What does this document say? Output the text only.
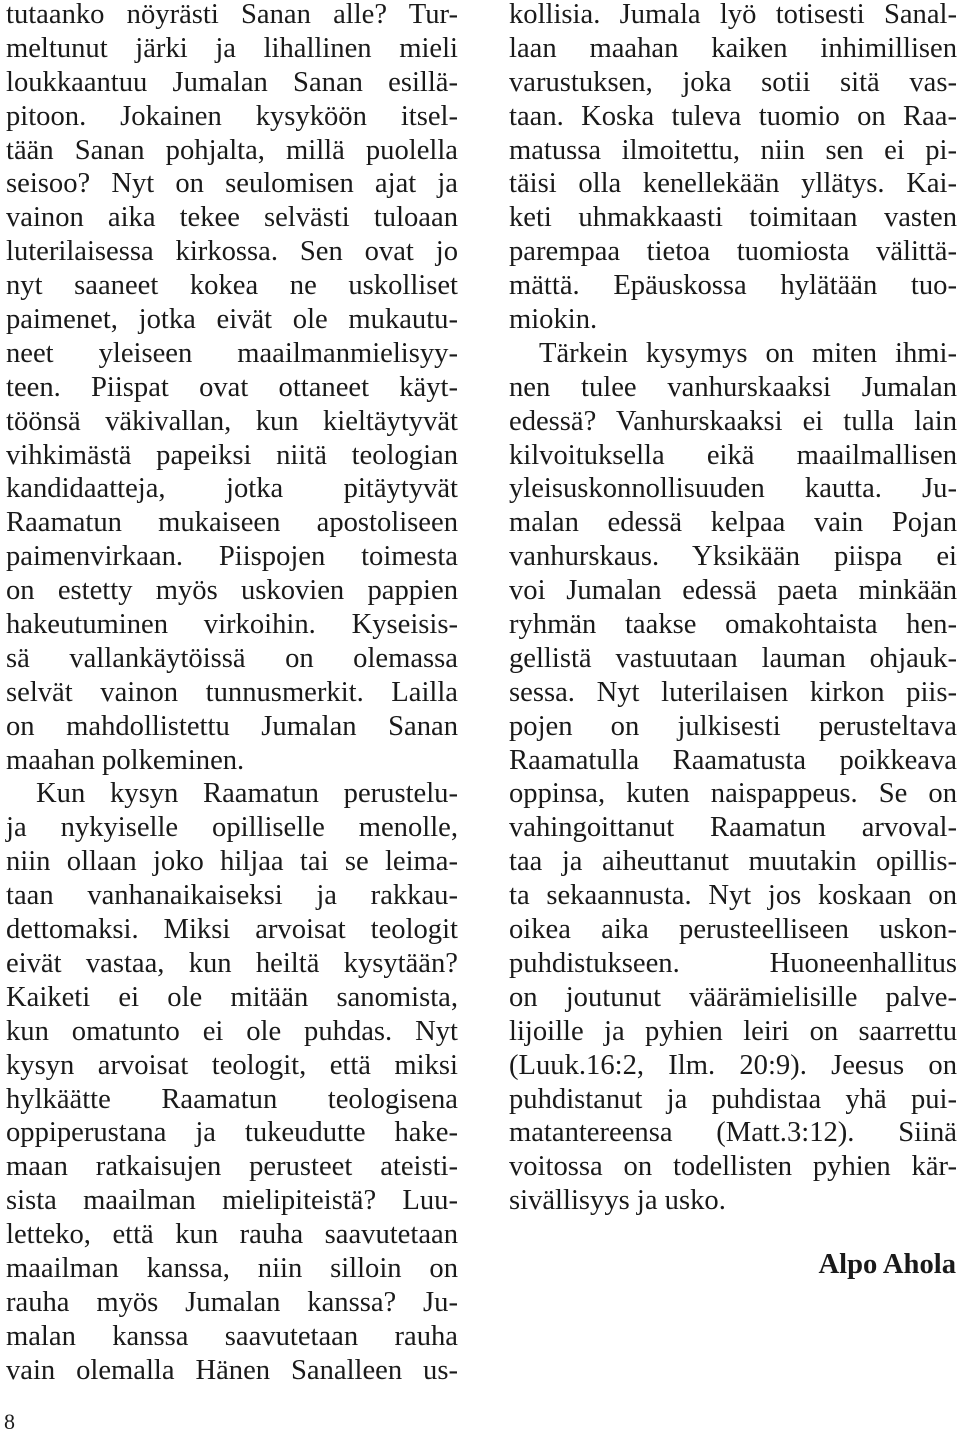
tutaanko nöyrästi Sanan alle? Tur-
meltunut järki ja lihallinen mieli
loukkaantuu Jumalan Sanan esillä-
pitoon. Jokainen kysyköön itsel-
tään Sanan pohjalta, millä puolella
seisoo? Nyt on seulomisen ajat ja
vainon aika tekee selvästi tuloaan
luterilaisessa kirkossa. Sen ovat jo
nyt saaneet kokea ne uskolliset
paimenet, jotka eivät ole mukautu-
neet yleiseen maailmanmielisyy-
teen. Piispat ovat ottaneet käyt-
töönsä väkivallan, kun kieltäytyvät
vihkimästä papeiksi niitä teologian
kandidaatteja, jotka pitäytyvät
Raamatun mukaiseen apostoliseen
paimenvirkaan. Piispojen toimesta
on estetty myös uskovien pappien
hakeutuminen virkoihin. Kyseisis-
sä vallankäytöissä on olemassa
selvät vainon tunnusmerkit. Lailla
on mahdollistettu Jumalan Sanan
maahan polkeminen.
Kun kysyn Raamatun perustelu-
ja nykyiselle opilliselle menolle,
niin ollaan joko hiljaa tai se leima-
taan vanhanaikaiseksi ja rakkau-
dettomaksi. Miksi arvoisat teologit
eivät vastaa, kun heiltä kysytään?
Kaiketi ei ole mitään sanomista,
kun omatunto ei ole puhdas. Nyt
kysyn arvoisat teologit, että miksi
hylkäätte Raamatun teologisena
oppiperustana ja tukeudutte hake-
maan ratkaisujen perusteet ateisti-
sista maailman mielipiteistä? Luu-
letteko, että kun rauha saavutetaan
maailman kanssa, niin silloin on
rauha myös Jumalan kanssa? Ju-
malan kanssa saavutetaan rauha
vain olemalla Hänen Sanalleen us-
kollisia. Jumala lyö totisesti Sanal-
laan maahan kaiken inhimillisen
varustuksen, joka sotii sitä vas-
taan. Koska tuleva tuomio on Raa-
matussa ilmoitettu, niin sen ei pi-
täisi olla kenellekään yllätys. Kai-
keti uhmakkaasti toimitaan vasten
parempaa tietoa tuomiosta välittä-
mättä. Epäuskossa hylätään tuo-
miokin.
Tärkein kysymys on miten ihmi-
nen tulee vanhurskaaksi Jumalan
edessä? Vanhurskaaksi ei tulla lain
kilvoituksella eikä maailmallisen
yleisuskonnollisuuden kautta. Ju-
malan edessä kelpaa vain Pojan
vanhurskaus. Yksikään piispa ei
voi Jumalan edessä paeta minkään
ryhmän taakse omakohtaista hen-
gellistä vastuutaan lauman ohjauk-
sessa. Nyt luterilaisen kirkon piis-
pojen on julkisesti perusteltava
Raamatulla Raamatusta poikkeava
oppinsa, kuten naispappeus. Se on
vahingoittanut Raamatun arvoval-
taa ja aiheuttanut muutakin opillis-
ta sekaannusta. Nyt jos koskaan on
oikea aika perusteelliseen uskon-
puhdistukseen. Huoneenhallitus
on joutunut väärämielisille palve-
lijoille ja pyhien leiri on saarrettu
(Luuk.16:2, Ilm. 20:9). Jeesus on
puhdistanut ja puhdistaa yhä pui-
matantereensa (Matt.3:12). Siinä
voitossa on todellisten pyhien kär-
sivällisyys ja usko.
Alpo Ahola
8
